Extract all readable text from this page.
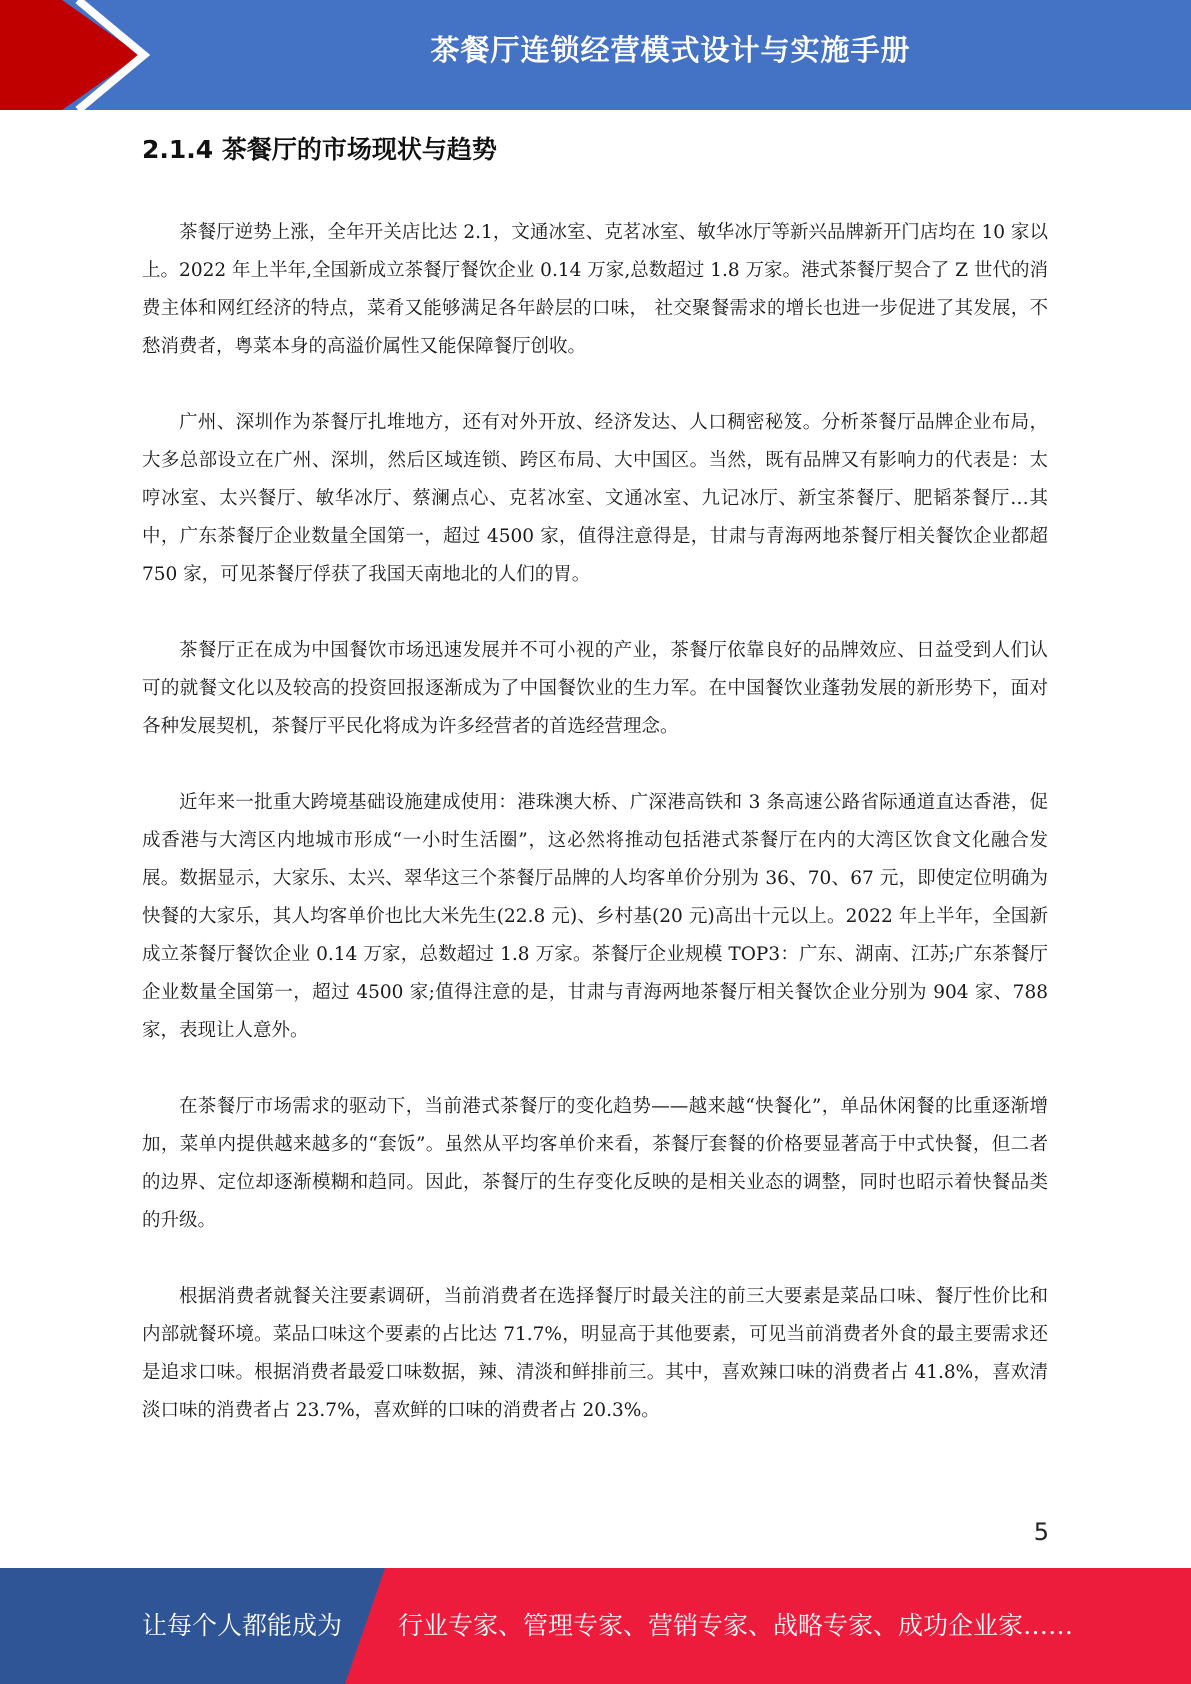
茶餐厅连锁经营模式设计与实施手册
2.1.4 茶餐厅的市场现状与趋势

茶餐厅逆势上涨，全年开关店比达 2.1，文通冰室、克茗冰室、敏华冰厅等新兴品牌新开门店均在 10 家以上。2022 年上半年,全国新成立茶餐厅餐饮企业 0.14 万家,总数超过 1.8 万家。港式茶餐厅契合了 Z 世代的消费主体和网红经济的特点，菜肴又能够满足各年龄层的口味， 社交聚餐需求的增长也进一步促进了其发展，不愁消费者，粤菜本身的高溢价属性又能保障餐厅创收。

广州、深圳作为茶餐厅扎堆地方，还有对外开放、经济发达、人口稠密秘笈。分析茶餐厅品牌企业布局，大多总部设立在广州、深圳，然后区域连锁、跨区布局、大中国区。当然，既有品牌又有影响力的代表是：太哼冰室、太兴餐厅、敏华冰厅、蔡澜点心、克茗冰室、文通冰室、九记冰厅、新宝茶餐厅、肥韬茶餐厅…其中，广东茶餐厅企业数量全国第一，超过 4500 家，值得注意得是，甘肃与青海两地茶餐厅相关餐饮企业都超 750 家，可见茶餐厅俘获了我国天南地北的人们的胃。

茶餐厅正在成为中国餐饮市场迅速发展并不可小视的产业，茶餐厅依靠良好的品牌效应、日益受到人们认可的就餐文化以及较高的投资回报逐渐成为了中国餐饮业的生力军。在中国餐饮业蓬勃发展的新形势下，面对各种发展契机，茶餐厅平民化将成为许多经营者的首选经营理念。

近年来一批重大跨境基础设施建成使用：港珠澳大桥、广深港高铁和 3 条高速公路省际通道直达香港，促成香港与大湾区内地城市形成“一小时生活圈”，这必然将推动包括港式茶餐厅在内的大湾区饮食文化融合发展。数据显示，大家乐、太兴、翠华这三个茶餐厅品牌的人均客单价分别为 36、70、67 元，即使定位明确为快餐的大家乐，其人均客单价也比大米先生(22.8 元)、乡村基(20 元)高出十元以上。2022 年上半年，全国新成立茶餐厅餐饮企业 0.14 万家，总数超过 1.8 万家。茶餐厅企业规模 TOP3：广东、湖南、江苏;广东茶餐厅企业数量全国第一，超过 4500 家;值得注意的是，甘肃与青海两地茶餐厅相关餐饮企业分别为 904 家、788 家，表现让人意外。

在茶餐厅市场需求的驱动下，当前港式茶餐厅的变化趋势——越来越“快餐化”，单品休闲餐的比重逐渐增加，菜单内提供越来越多的“套饭”。虽然从平均客单价来看，茶餐厅套餐的价格要显著高于中式快餐，但二者的边界、定位却逐渐模糊和趋同。因此，茶餐厅的生存变化反映的是相关业态的调整，同时也昭示着快餐品类的升级。

根据消费者就餐关注要素调研，当前消费者在选择餐厅时最关注的前三大要素是菜品口味、餐厅性价比和内部就餐环境。菜品口味这个要素的占比达 71.7%，明显高于其他要素，可见当前消费者外食的最主要需求还是追求口味。根据消费者最爱口味数据，辣、清淡和鲜排前三。其中，喜欢辣口味的消费者占 41.8%，喜欢清淡口味的消费者占 23.7%，喜欢鲜的口味的消费者占 20.3%。

5
让每个人都能成为 行业专家、管理专家、营销专家、战略专家、成功企业家……
